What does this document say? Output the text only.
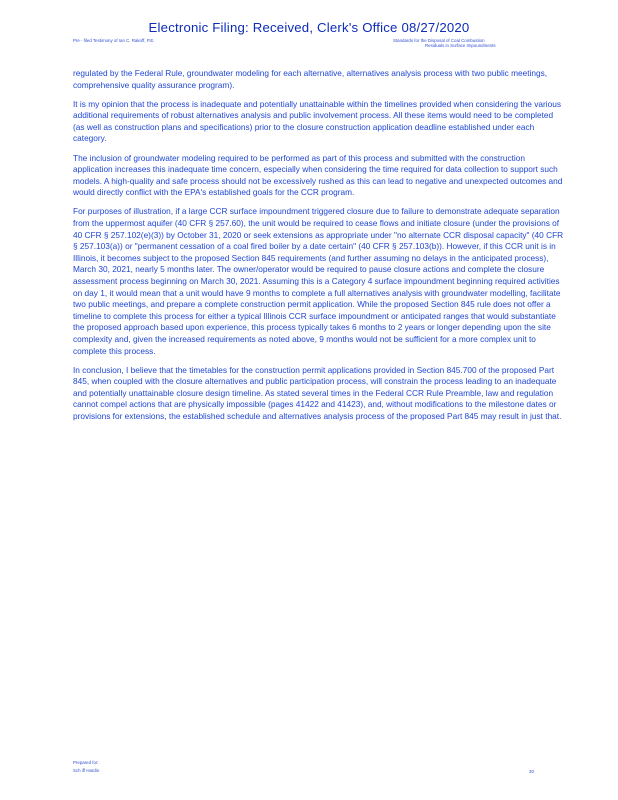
Electronic Filing: Received, Clerk's Office 08/27/2020
Pre - filed Testimony of Ian C. Rakoff, P.E.	Standards for the Disposal of Coal Combustion
Residuals in Surface Impoundments

regulated by the Federal Rule, groundwater modeling for each alternative, alternatives analysis process with two public meetings, comprehensive quality assurance program).

It is my opinion that the process is inadequate and potentially unattainable within the timelines provided when considering the various additional requirements of robust alternatives analysis and public involvement process. All these items would need to be completed (as well as construction plans and specifications) prior to the closure construction application deadline established under each category.

The inclusion of groundwater modeling required to be performed as part of this process and submitted with the construction application increases this inadequate time concern, especially when considering the time required for data collection to support such models. A high-quality and safe process should not be excessively rushed as this can lead to negative and unexpected outcomes and would directly conflict with the EPA's established goals for the CCR program.

For purposes of illustration, if a large CCR surface impoundment triggered closure due to failure to demonstrate adequate separation from the uppermost aquifer (40 CFR § 257.60), the unit would be required to cease flows and initiate closure (under the provisions of 40 CFR § 257.102(e)(3)) by October 31, 2020 or seek extensions as appropriate under "no alternate CCR disposal capacity" (40 CFR § 257.103(a)) or "permanent cessation of a coal fired boiler by a date certain" (40 CFR § 257.103(b)). However, if this CCR unit is in Illinois, it becomes subject to the proposed Section 845 requirements (and further assuming no delays in the anticipated process), March 30, 2021, nearly 5 months later. The owner/operator would be required to pause closure actions and complete the closure assessment process beginning on March 30, 2021. Assuming this is a Category 4 surface impoundment beginning required activities on day 1, it would mean that a unit would have 9 months to complete a full alternatives analysis with groundwater modelling, facilitate two public meetings, and prepare a complete construction permit application. While the proposed Section 845 rule does not offer a timeline to complete this process for either a typical Illinois CCR surface impoundment or anticipated ranges that would substantiate the proposed approach based upon experience, this process typically takes 6 months to 2 years or longer depending upon the site complexity and, given the increased requirements as noted above, 9 months would not be sufficient for a more complex unit to complete this process.

In conclusion, I believe that the timetables for the construction permit applications provided in Section 845.700 of the proposed Part 845, when coupled with the closure alternatives and public participation process, will constrain the process leading to an inadequate and potentially unattainable closure design timeline. As stated several times in the Federal CCR Rule Preamble, law and regulation cannot compel actions that are physically impossible (pages 41422 and 41423), and, without modifications to the milestone dates or provisions for extensions, the established schedule and alternatives analysis process of the proposed Part 845 may result in just that.

Prepared for:
Sch iff Hardin	30
